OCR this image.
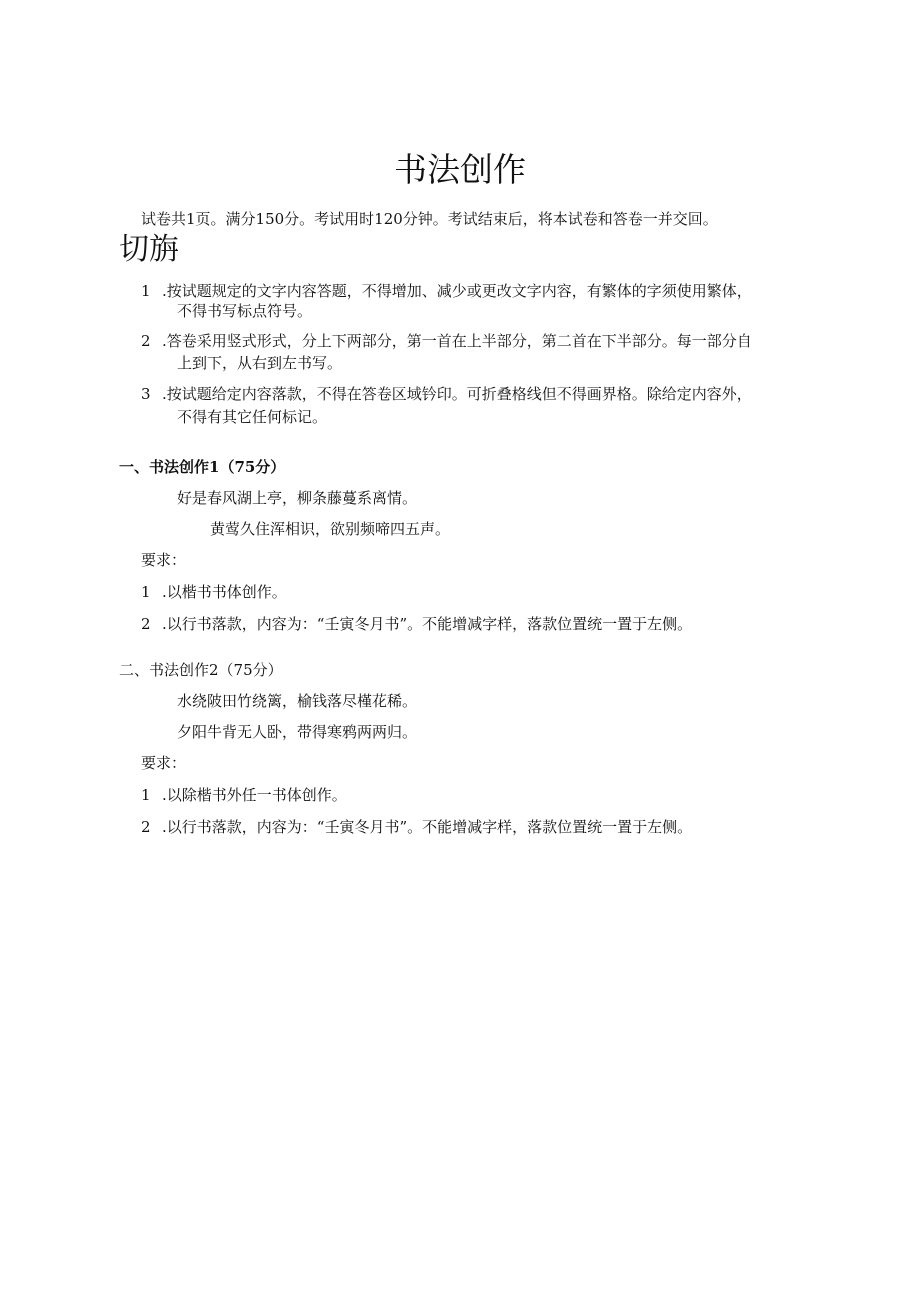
书法创作
试卷共1页。满分150分。考试用时120分钟。考试结束后，将本试卷和答卷一并交回。
切旃
1 .按试题规定的文字内容答题，不得增加、减少或更改文字内容，有繁体的字须使用繁体，
不得书写标点符号。
2 .答卷采用竖式形式，分上下两部分，第一首在上半部分，第二首在下半部分。每一部分自
上到下，从右到左书写。
3 .按试题给定内容落款，不得在答卷区域钤印。可折叠格线但不得画界格。除给定内容外，
不得有其它任何标记。
一、书法创作1（75分）
好是春风湖上亭，柳条藤蔓系离情。
黄莺久住浑相识，欲别频啼四五声。
要求：
1 .以楷书书体创作。
2 .以行书落款，内容为：“壬寅冬月书”。不能增减字样，落款位置统一置于左侧。
二、书法创作2（75分）
水绕陂田竹绕篱，榆钱落尽槿花稀。
夕阳牛背无人卧，带得寒鸦两两归。
要求：
1 .以除楷书外任一书体创作。
2 .以行书落款，内容为：“壬寅冬月书”。不能增减字样，落款位置统一置于左侧。
